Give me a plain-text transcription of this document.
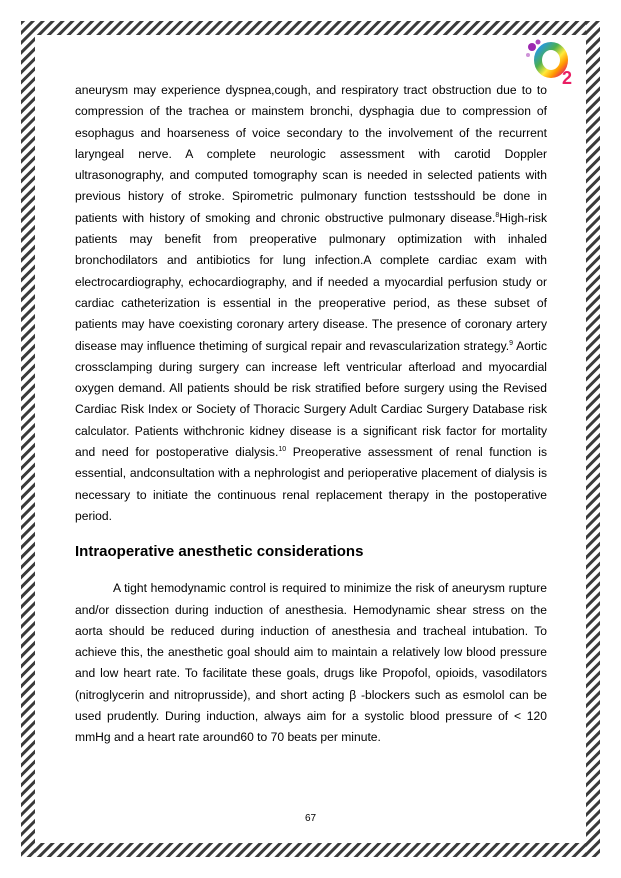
2

aneurysm may experience dyspnea,cough, and respiratory tract obstruction due to to compression of the trachea or mainstem bronchi, dysphagia due to compression of esophagus and hoarseness of voice secondary to the involvement of the recurrent laryngeal nerve. A complete neurologic assessment with carotid Doppler ultrasonography, and computed tomography scan is needed in selected patients with previous history of stroke. Spirometric pulmonary function testsshould be done in patients with history of smoking and chronic obstructive pulmonary disease.$^8$High-risk patients may benefit from preoperative pulmonary optimization with inhaled bronchodilators and antibiotics for lung infection.A complete cardiac exam with electrocardiography, echocardiography, and if needed a myocardial perfusion study or cardiac catheterization is essential in the preoperative period, as these subset of patients may have coexisting coronary artery disease. The presence of coronary artery disease may influence thetiming of surgical repair and revascularization strategy.$^9$ Aortic crossclamping during surgery can increase left ventricular afterload and myocardial oxygen demand. All patients should be risk stratified before surgery using the Revised Cardiac Risk Index or Society of Thoracic Surgery Adult Cardiac Surgery Database risk calculator. Patients withchronic kidney disease is a significant risk factor for mortality and need for postoperative dialysis.$^{10}$ Preoperative assessment of renal function is essential, andconsultation with a nephrologist and perioperative placement of dialysis is necessary to initiate the continuous renal replacement therapy in the postoperative period.

Intraoperative anesthetic considerations

A tight hemodynamic control is required to minimize the risk of aneurysm rupture and/or dissection during induction of anesthesia. Hemodynamic shear stress on the aorta should be reduced during induction of anesthesia and tracheal intubation. To achieve this, the anesthetic goal should aim to maintain a relatively low blood pressure and low heart rate. To facilitate these goals, drugs like Propofol, opioids, vasodilators (nitroglycerin and nitroprusside), and short acting β -blockers such as esmolol can be used prudently. During induction, always aim for a systolic blood pressure of < 120 mmHg and a heart rate around60 to 70 beats per minute.

67
